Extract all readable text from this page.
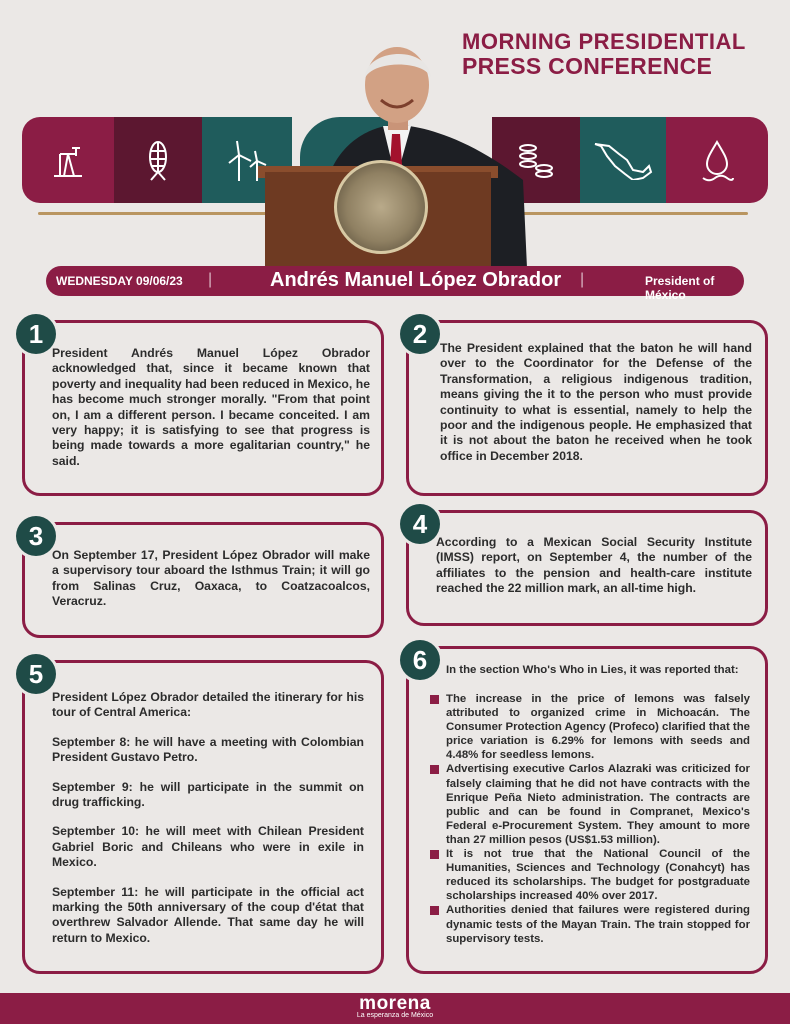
MORNING PRESIDENTIAL
PRESS CONFERENCE
WEDNESDAY 09/06/23 |	Andrés Manuel López Obrador |	President of México
1
President Andrés Manuel López Obrador acknowledged that, since it became known that poverty and inequality had been reduced in Mexico, he has become much stronger morally. "From that point on, I am a different person. I became conceited. I am very happy; it is satisfying to see that progress is being made towards a more egalitarian country," he said.
2	The President explained that the baton he will hand over to the Coordinator for the Defense of the Transformation, a religious indigenous tradition, means giving the it to the person who must provide continuity to what is essential, namely to help the poor and the indigenous people. He emphasized that it is not about the baton he received when he took office in December 2018.
3
On September 17, President López Obrador will make a supervisory tour aboard the Isthmus Train; it will go from Salinas Cruz, Oaxaca, to Coatzacoalcos, Veracruz.
4
According to a Mexican Social Security Institute (IMSS) report, on September 4, the number of the affiliates to the pension and health-care institute reached the 22 million mark, an all-time high.
5

President López Obrador detailed the itinerary for his tour of Central America:

September 8: he will have a meeting with Colombian President Gustavo Petro.

September 9: he will participate in the summit on drug trafficking.

September 10: he will meet with Chilean President Gabriel Boric and Chileans who were in exile in Mexico.

September 11: he will participate in the official act marking the 50th anniversary of the coup d'état that overthrew Salvador Allende. That same day he will return to Mexico.

6	In the section Who's Who in Lies, it was reported that:
The increase in the price of lemons was falsely attributed to organized crime in Michoacán. The Consumer Protection Agency (Profeco) clarified that the price variation is 6.29% for lemons with seeds and 4.48% for seedless lemons.
Advertising executive Carlos Alazraki was criticized for falsely claiming that he did not have contracts with the Enrique Peña Nieto administration. The contracts are public and can be found in Compranet, Mexico's Federal e-Procurement System. They amount to more than 27 million pesos (US$1.53 million).
It is not true that the National Council of the Humanities, Sciences and Technology (Conahcyt) has reduced its scholarships. The budget for postgraduate scholarships increased 40% over 2017.
Authorities denied that failures were registered during dynamic tests of the Mayan Train. The train stopped for supervisory tests.
morena
La esperanza de México
